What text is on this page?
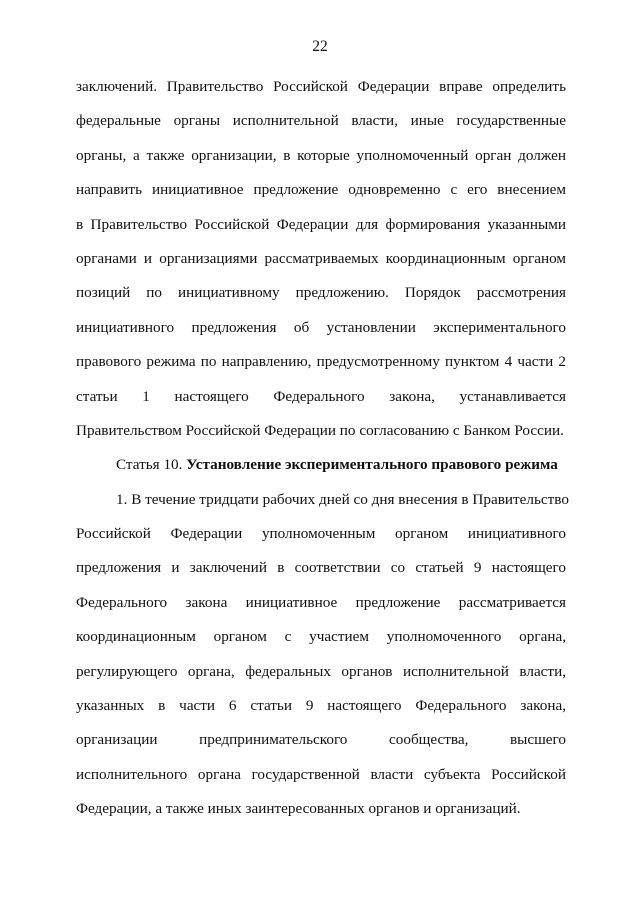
22
заключений. Правительство Российской Федерации вправе определить
федеральные органы исполнительной власти, иные государственные
органы, а также организации, в которые уполномоченный орган должен
направить инициативное предложение одновременно с его внесением
в Правительство Российской Федерации для формирования указанными
органами и организациями рассматриваемых координационным органом
позиций по инициативному предложению. Порядок рассмотрения
инициативного предложения об установлении экспериментального
правового режима по направлению, предусмотренному пунктом 4 части 2
статьи 1 настоящего Федерального закона, устанавливается
Правительством Российской Федерации по согласованию с Банком России.
Статья 10. Установление экспериментального правового режима
1. В течение тридцати рабочих дней со дня внесения в Правительство
Российской Федерации уполномоченным органом инициативного
предложения и заключений в соответствии со статьей 9 настоящего
Федерального закона инициативное предложение рассматривается
координационным органом с участием уполномоченного органа,
регулирующего органа, федеральных органов исполнительной власти,
указанных в части 6 статьи 9 настоящего Федерального закона,
организации предпринимательского сообщества, высшего
исполнительного органа государственной власти субъекта Российской
Федерации, а также иных заинтересованных органов и организаций.
